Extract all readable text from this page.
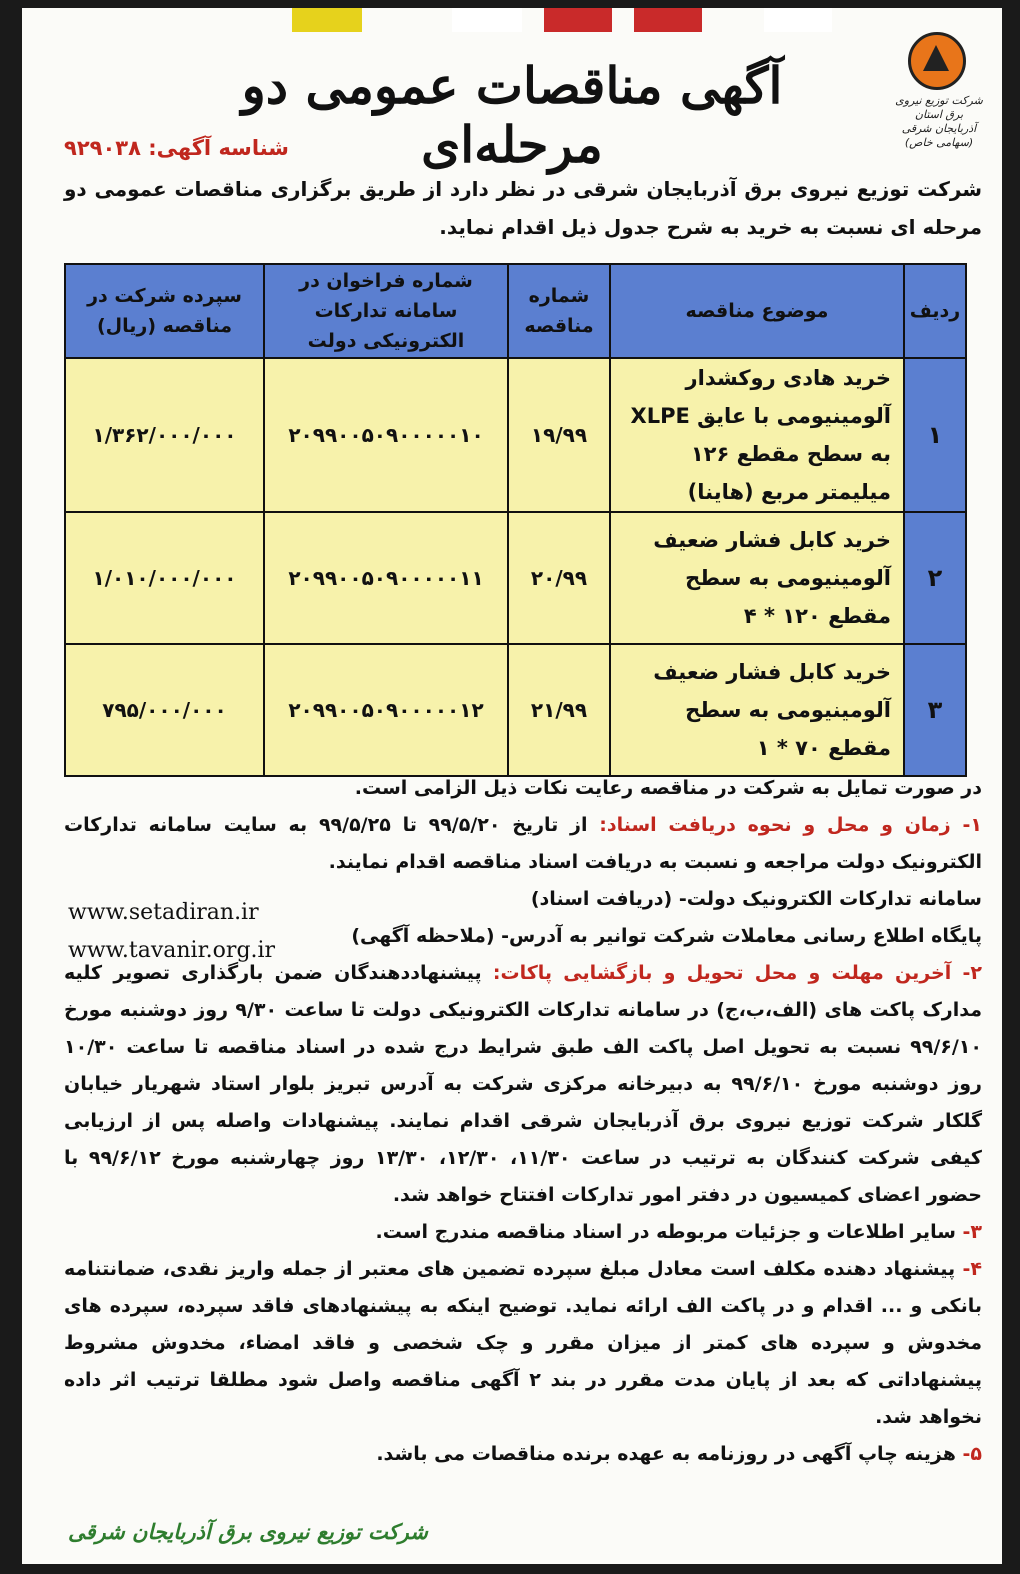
شرکت توزیع نیروی برق استان آذربایجان شرقی (سهامی خاص)
آگهی مناقصات عمومی دو مرحله‌ای
شناسه آگهی: ۹۲۹۰۳۸
شرکت توزیع نیروی برق آذربایجان شرقی در نظر دارد از طریق برگزاری مناقصات عمومی دو مرحله ای نسبت به خرید به شرح جدول ذیل اقدام نماید.
ردیف	موضوع مناقصه	شماره مناقصه	شماره فراخوان در سامانه تدارکات الکترونیکی دولت	سپرده شرکت در مناقصه (ریال)
۱	خرید هادی روکشدار آلومینیومی با عایق XLPE به سطح مقطع ۱۲۶ میلیمتر مربع (هاینا)	۱۹/۹۹	۲۰۹۹۰۰۵۰۹۰۰۰۰۰۱۰	۱/۳۶۲/۰۰۰/۰۰۰
۲	خرید کابل فشار ضعیف آلومینیومی به سطح مقطع ۱۲۰ * ۴	۲۰/۹۹	۲۰۹۹۰۰۵۰۹۰۰۰۰۰۱۱	۱/۰۱۰/۰۰۰/۰۰۰
۳	خرید کابل فشار ضعیف آلومینیومی به سطح مقطع ۷۰ * ۱	۲۱/۹۹	۲۰۹۹۰۰۵۰۹۰۰۰۰۰۱۲	۷۹۵/۰۰۰/۰۰۰

در صورت تمایل به شرکت در مناقصه رعایت نکات ذیل الزامی است.

۱- زمان و محل و نحوه دریافت اسناد: از تاریخ ۹۹/۵/۲۰ تا ۹۹/۵/۲۵ به سایت سامانه تدارکات الکترونیک دولت مراجعه و نسبت به دریافت اسناد مناقصه اقدام نمایند.

سامانه تدارکات الکترونیک دولت- (دریافت اسناد)

پایگاه اطلاع رسانی معاملات شرکت توانیر به آدرس- (ملاحظه آگهی)

۲- آخرین مهلت و محل تحویل و بازگشایی پاکات: پیشنهاددهندگان ضمن بارگذاری تصویر کلیه مدارک پاکت های (الف،ب،ج) در سامانه تدارکات الکترونیکی دولت تا ساعت ۹/۳۰ روز دوشنبه مورخ ۹۹/۶/۱۰ نسبت به تحویل اصل پاکت الف طبق شرایط درج شده در اسناد مناقصه تا ساعت ۱۰/۳۰ روز دوشنبه مورخ ۹۹/۶/۱۰ به دبیرخانه مرکزی شرکت به آدرس تبریز بلوار استاد شهریار خیابان گلکار شرکت توزیع نیروی برق آذربایجان شرقی اقدام نمایند. پیشنهادات واصله پس از ارزیابی کیفی شرکت کنندگان به ترتیب در ساعت ۱۱/۳۰، ۱۲/۳۰، ۱۳/۳۰ روز چهارشنبه مورخ ۹۹/۶/۱۲ با حضور اعضای کمیسیون در دفتر امور تدارکات افتتاح خواهد شد.

۳- سایر اطلاعات و جزئیات مربوطه در اسناد مناقصه مندرج است.

۴- پیشنهاد دهنده مکلف است معادل مبلغ سپرده تضمین های معتبر از جمله واریز نقدی، ضمانتنامه بانکی و ... اقدام و در پاکت الف ارائه نماید. توضیح اینکه به پیشنهادهای فاقد سپرده، سپرده های مخدوش و سپرده های کمتر از میزان مقرر و چک شخصی و فاقد امضاء، مخدوش مشروط پیشنهاداتی که بعد از پایان مدت مقرر در بند ۲ آگهی مناقصه واصل شود مطلقا ترتیب اثر داده نخواهد شد.

۵- هزینه چاپ آگهی در روزنامه به عهده برنده مناقصات می باشد.

www.setadiran.ir
www.tavanir.org.ir
شرکت توزیع نیروی برق آذربایجان شرقی
